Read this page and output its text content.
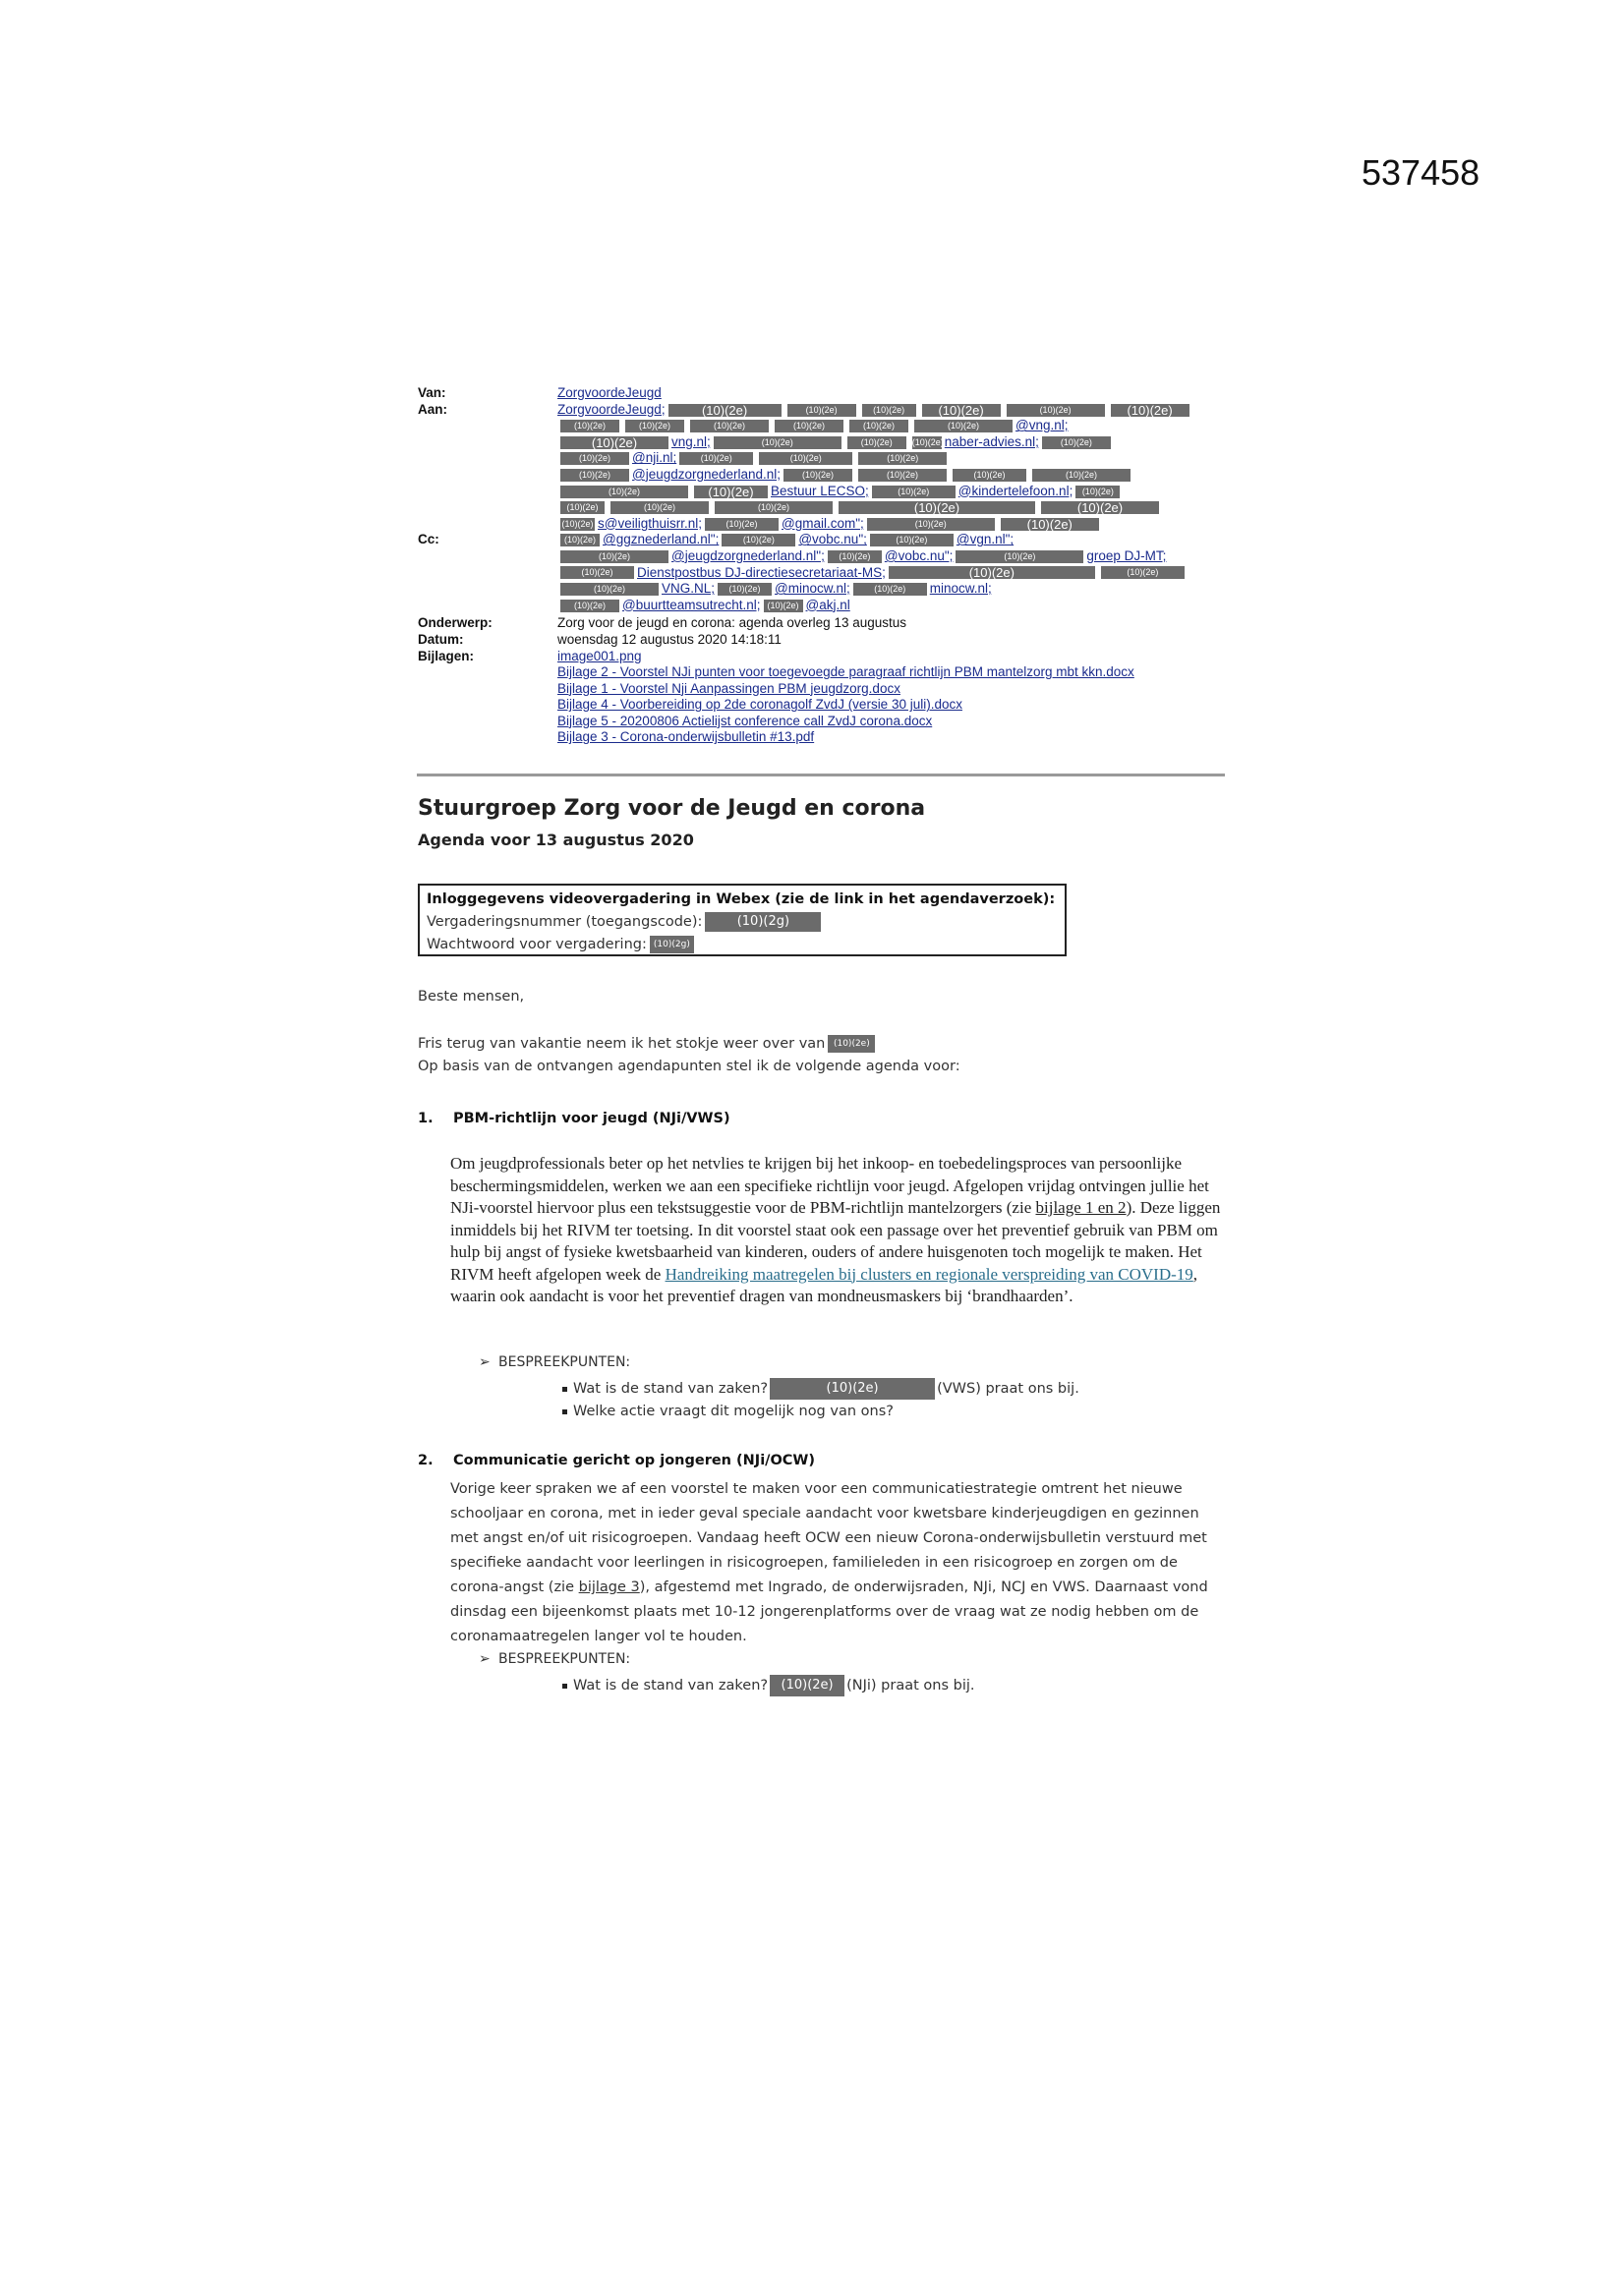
537458
Van:	ZorgvoordeJeugd
Aan:	ZorgvoordeJeugd;	(10)(2e)	(10)(2e)	(10)(2e)	(10)(2e)	(10)(2e)	(10)(2e)
(10)(2e)	(10)(2e)	(10)(2e)	(10)(2e)	(10)(2e)	(10)(2e)	@vng.nl;
(10)(2e)	vng.nl;	(10)(2e)	(10)(2e) (10)(2e)naber-advies.nl; (10)(2e)
(10)(2e) @nji.nl;	(10)(2e)	(10)(2e)	(10)(2e)
(10)(2e) @jeugdzorgnederland.nl; (10)(2e)	(10)(2e)	(10)(2e)	(10)(2e)
(10)(2e)	(10)(2e) Bestuur LECSO;	(10)(2e) @kindertelefoon.nl; (10)(2e)
(10)(2e)	(10)(2e)	(10)(2e)	(10)(2e)	(10)(2e)
(10)(2e) s@veiligthuisrr.nl;	(10)(2e) @gmail.com";	(10)(2e)	(10)(2e)
Cc:	(10)(2e) @ggznederland.nl";	(10)(2e) @vobc.nu";	(10)(2e) @vgn.nl";
(10)(2e)	@jeugdzorgnederland.nl"; (10)(2e) @vobc.nu";	(10)(2e)	groep DJ-MT;
(10)(2e) Dienstpostbus DJ-directiesecretariaat-MS;	(10)(2e)	(10)(2e)
(10)(2e)	VNG.NL; (10)(2e) @minocw.nl;	(10)(2e) minocw.nl;
(10)(2e) @buurtteamsutrecht.nl; (10)(2e) @akj.nl
Onderwerp:	Zorg voor de jeugd en corona: agenda overleg 13 augustus
Datum:	woensdag 12 augustus 2020 14:18:11
Bijlagen:	image001.png
Bijlage 2 - Voorstel NJi punten voor toegevoegde paragraaf richtlijn PBM mantelzorg mbt kkn.docx
Bijlage 1 - Voorstel Nji Aanpassingen PBM jeugdzorg.docx
Bijlage 4 - Voorbereiding op 2de coronagolf ZvdJ (versie 30 juli).docx
Bijlage 5 - 20200806 Actielijst conference call ZvdJ corona.docx
Bijlage 3 - Corona-onderwijsbulletin #13.pdf
Stuurgroep Zorg voor de Jeugd en corona
Agenda voor 13 augustus 2020
Inloggegevens videovergadering in Webex (zie de link in het agendaverzoek):
Vergaderingsnummer (toegangscode):	(10)(2g)
Wachtwoord voor vergadering: (10)(2g)
Beste mensen,
Fris terug van vakantie neem ik het stokje weer over van (10)(2e)
Op basis van de ontvangen agendapunten stel ik de volgende agenda voor:
1. PBM-richtlijn voor jeugd (NJi/VWS)
Om jeugdprofessionals beter op het netvlies te krijgen bij het inkoop- en toebedelingsproces van persoonlijke beschermingsmiddelen, werken we aan een specifieke richtlijn voor jeugd. Afgelopen vrijdag ontvingen jullie het NJi-voorstel hiervoor plus een tekstsuggestie voor de PBM-richtlijn mantelzorgers (zie bijlage 1 en 2). Deze liggen inmiddels bij het RIVM ter toetsing. In dit voorstel staat ook een passage over het preventief gebruik van PBM om hulp bij angst of fysieke kwetsbaarheid van kinderen, ouders of andere huisgenoten toch mogelijk te maken. Het RIVM heeft afgelopen week de Handreiking maatregelen bij clusters en regionale verspreiding van COVID-19, waarin ook aandacht is voor het preventief dragen van mondneusmaskers bij ‘brandhaarden’.
➢ BESPREEKPUNTEN:
Wat is de stand van zaken?	(10)(2e)	(VWS) praat ons bij.
Welke actie vraagt dit mogelijk nog van ons?
2. Communicatie gericht op jongeren (NJi/OCW)
Vorige keer spraken we af een voorstel te maken voor een communicatiestrategie omtrent het nieuwe schooljaar en corona, met in ieder geval speciale aandacht voor kwetsbare kinderjeugdigen en gezinnen met angst en/of uit risicogroepen. Vandaag heeft OCW een nieuw Corona-onderwijsbulletin verstuurd met specifieke aandacht voor leerlingen in risicogroepen, familieleden in een risicogroep en zorgen om de corona-angst (zie bijlage 3), afgestemd met Ingrado, de onderwijsraden, NJi, NCJ en VWS. Daarnaast vond dinsdag een bijeenkomst plaats met 10-12 jongerenplatforms over de vraag wat ze nodig hebben om de coronamaatregelen langer vol te houden.
➢ BESPREEKPUNTEN:
Wat is de stand van zaken? (10)(2e) (NJi) praat ons bij.
